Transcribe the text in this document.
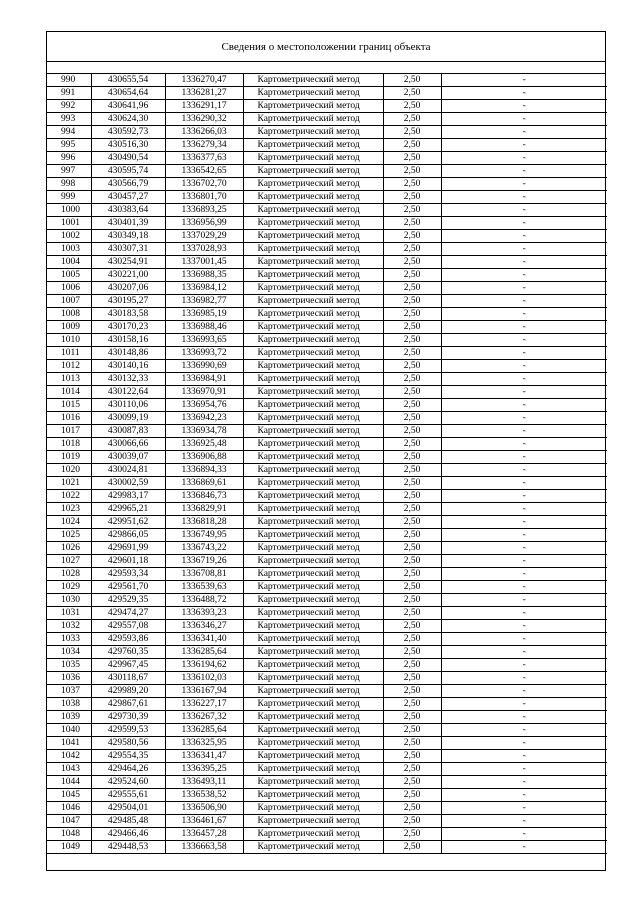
Сведения о местоположении границ объекта
990	430655,54	1336270,47	Картометрический метод	2,50	-
991	430654,64	1336281,27	Картометрический метод	2,50	-
992	430641,96	1336291,17	Картометрический метод	2,50	-
993	430624,30	1336290,32	Картометрический метод	2,50	-
994	430592,73	1336266,03	Картометрический метод	2,50	-
995	430516,30	1336279,34	Картометрический метод	2,50	-
996	430490,54	1336377,63	Картометрический метод	2,50	-
997	430595,74	1336542,65	Картометрический метод	2,50	-
998	430566,79	1336702,70	Картометрический метод	2,50	-
999	430457,27	1336801,70	Картометрический метод	2,50	-
1000	430383,64	1336893,25	Картометрический метод	2,50	-
1001	430401,39	1336956,99	Картометрический метод	2,50	-
1002	430349,18	1337029,29	Картометрический метод	2,50	-
1003	430307,31	1337028,93	Картометрический метод	2,50	-
1004	430254,91	1337001,45	Картометрический метод	2,50	-
1005	430221,00	1336988,35	Картометрический метод	2,50	-
1006	430207,06	1336984,12	Картометрический метод	2,50	-
1007	430195,27	1336982,77	Картометрический метод	2,50	-
1008	430183,58	1336985,19	Картометрический метод	2,50	-
1009	430170,23	1336988,46	Картометрический метод	2,50	-
1010	430158,16	1336993,65	Картометрический метод	2,50	-
1011	430148,86	1336993,72	Картометрический метод	2,50	-
1012	430140,16	1336990,69	Картометрический метод	2,50	-
1013	430132,33	1336984,91	Картометрический метод	2,50	-
1014	430122,64	1336970,91	Картометрический метод	2,50	-
1015	430110,06	1336954,76	Картометрический метод	2,50	-
1016	430099,19	1336942,23	Картометрический метод	2,50	-
1017	430087,83	1336934,78	Картометрический метод	2,50	-
1018	430066,66	1336925,48	Картометрический метод	2,50	-
1019	430039,07	1336906,88	Картометрический метод	2,50	-
1020	430024,81	1336894,33	Картометрический метод	2,50	-
1021	430002,59	1336869,61	Картометрический метод	2,50	-
1022	429983,17	1336846,73	Картометрический метод	2,50	-
1023	429965,21	1336829,91	Картометрический метод	2,50	-
1024	429951,62	1336818,28	Картометрический метод	2,50	-
1025	429866,05	1336749,95	Картометрический метод	2,50	-
1026	429691,99	1336743,22	Картометрический метод	2,50	-
1027	429601,18	1336719,26	Картометрический метод	2,50	-
1028	429593,34	1336708,81	Картометрический метод	2,50	-
1029	429561,70	1336539,63	Картометрический метод	2,50	-
1030	429529,35	1336488,72	Картометрический метод	2,50	-
1031	429474,27	1336393,23	Картометрический метод	2,50	-
1032	429557,08	1336346,27	Картометрический метод	2,50	-
1033	429593,86	1336341,40	Картометрический метод	2,50	-
1034	429760,35	1336285,64	Картометрический метод	2,50	-
1035	429967,45	1336194,62	Картометрический метод	2,50	-
1036	430118,67	1336102,03	Картометрический метод	2,50	-
1037	429989,20	1336167,94	Картометрический метод	2,50	-
1038	429867,61	1336227,17	Картометрический метод	2,50	-
1039	429730,39	1336267,32	Картометрический метод	2,50	-
1040	429599,53	1336285,64	Картометрический метод	2,50	-
1041	429580,56	1336325,95	Картометрический метод	2,50	-
1042	429554,35	1336341,47	Картометрический метод	2,50	-
1043	429464,26	1336395,25	Картометрический метод	2,50	-
1044	429524,60	1336493,11	Картометрический метод	2,50	-
1045	429555,61	1336538,52	Картометрический метод	2,50	-
1046	429504,01	1336506,90	Картометрический метод	2,50	-
1047	429485,48	1336461,67	Картометрический метод	2,50	-
1048	429466,46	1336457,28	Картометрический метод	2,50	-
1049	429448,53	1336663,58	Картометрический метод	2,50	-
